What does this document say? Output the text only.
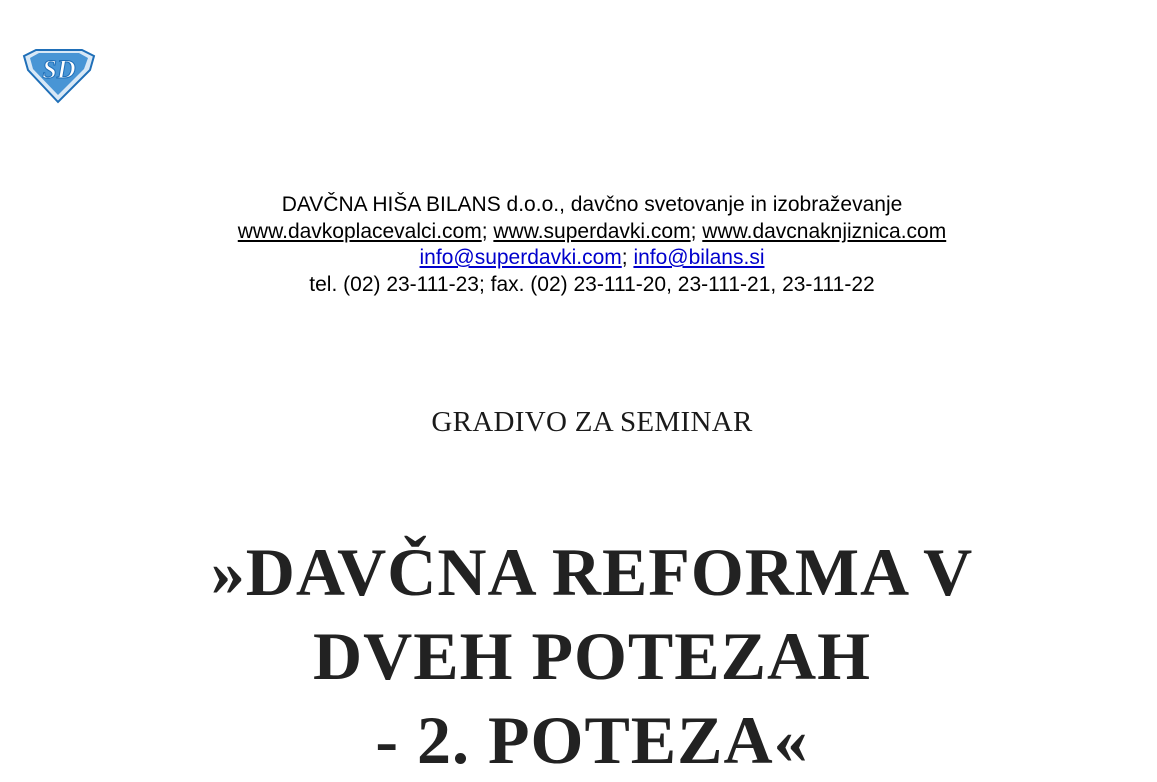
SD
DAVČNA HIŠA BILANS d.o.o., davčno svetovanje in izobraževanje
www.davkoplacevalci.com; www.superdavki.com; www.davcnaknjiznica.com
info@superdavki.com; info@bilans.si
tel. (02) 23-111-23; fax. (02) 23-111-20, 23-111-21, 23-111-22
GRADIVO ZA SEMINAR
»DAVČNA REFORMA V
DVEH POTEZAH
- 2. POTEZA«
